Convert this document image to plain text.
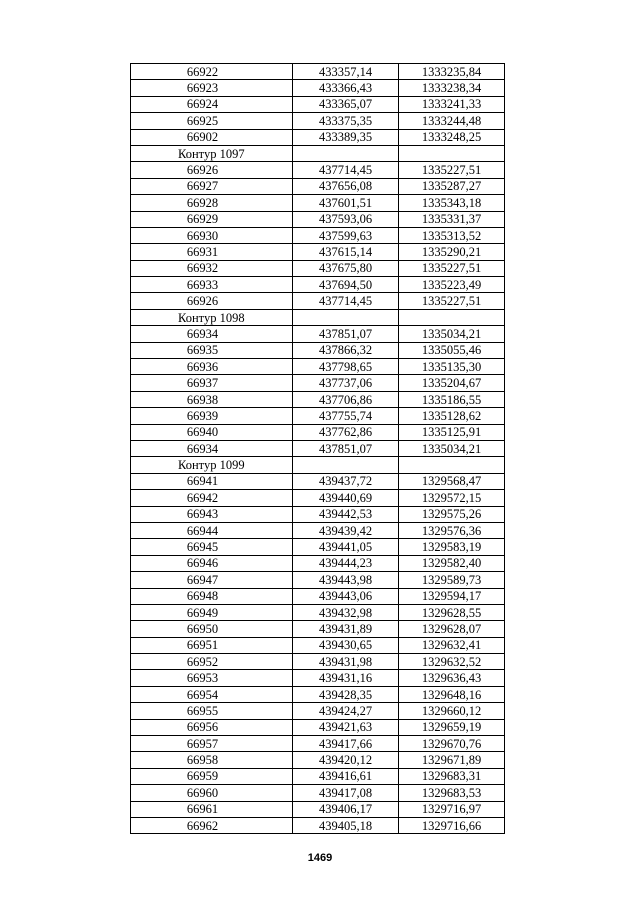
66922	433357,14	1333235,84
66923	433366,43	1333238,34
66924	433365,07	1333241,33
66925	433375,35	1333244,48
66902	433389,35	1333248,25
Контур 1097		
66926	437714,45	1335227,51
66927	437656,08	1335287,27
66928	437601,51	1335343,18
66929	437593,06	1335331,37
66930	437599,63	1335313,52
66931	437615,14	1335290,21
66932	437675,80	1335227,51
66933	437694,50	1335223,49
66926	437714,45	1335227,51
Контур 1098		
66934	437851,07	1335034,21
66935	437866,32	1335055,46
66936	437798,65	1335135,30
66937	437737,06	1335204,67
66938	437706,86	1335186,55
66939	437755,74	1335128,62
66940	437762,86	1335125,91
66934	437851,07	1335034,21
Контур 1099		
66941	439437,72	1329568,47
66942	439440,69	1329572,15
66943	439442,53	1329575,26
66944	439439,42	1329576,36
66945	439441,05	1329583,19
66946	439444,23	1329582,40
66947	439443,98	1329589,73
66948	439443,06	1329594,17
66949	439432,98	1329628,55
66950	439431,89	1329628,07
66951	439430,65	1329632,41
66952	439431,98	1329632,52
66953	439431,16	1329636,43
66954	439428,35	1329648,16
66955	439424,27	1329660,12
66956	439421,63	1329659,19
66957	439417,66	1329670,76
66958	439420,12	1329671,89
66959	439416,61	1329683,31
66960	439417,08	1329683,53
66961	439406,17	1329716,97
66962	439405,18	1329716,66
1469
